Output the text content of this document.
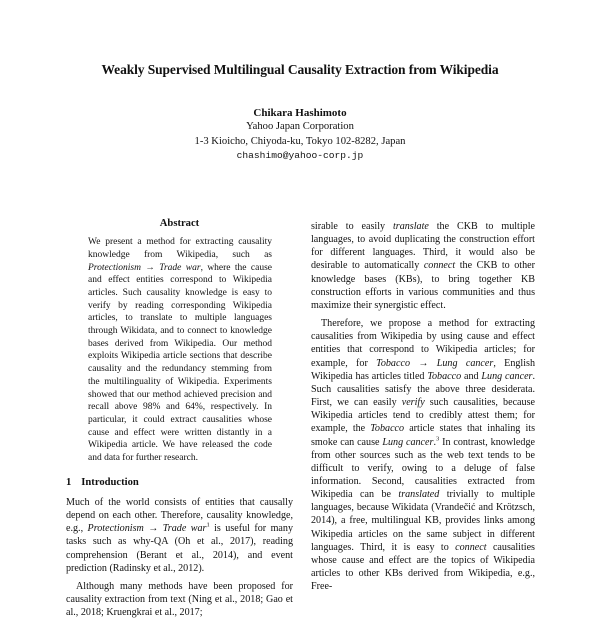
Weakly Supervised Multilingual Causality Extraction from Wikipedia
Chikara Hashimoto
Yahoo Japan Corporation
1-3 Kioicho, Chiyoda-ku, Tokyo 102-8282, Japan
chashimo@yahoo-corp.jp
Abstract

We present a method for extracting causality knowledge from Wikipedia, such as Protectionism → Trade war, where the cause and effect entities correspond to Wikipedia articles. Such causality knowledge is easy to verify by reading corresponding Wikipedia articles, to translate to multiple languages through Wikidata, and to connect to knowledge bases derived from Wikipedia. Our method exploits Wikipedia article sections that describe causality and the redundancy stemming from the multilinguality of Wikipedia. Experiments showed that our method achieved precision and recall above 98% and 64%, respectively. In particular, it could extract causalities whose cause and effect were written distantly in a Wikipedia article. We have released the code and data for further research.

1 Introduction

Much of the world consists of entities that causally depend on each other. Therefore, causality knowledge, e.g., Protectionism → Trade war$^1$ is useful for many tasks such as why-QA (Oh et al., 2017), reading comprehension (Berant et al., 2014), and event prediction (Radinsky et al., 2012).

Although many methods have been proposed for causality extraction from text (Ning et al., 2018; Gao et al., 2018; Kruengkrai et al., 2017;

sirable to easily translate the CKB to multiple languages, to avoid duplicating the construction effort for different languages. Third, it would also be desirable to automatically connect the CKB to other knowledge bases (KBs), to bring together KB construction efforts in various communities and thus maximize their synergistic effect.

Therefore, we propose a method for extracting causalities from Wikipedia by using cause and effect entities that correspond to Wikipedia articles; for example, for Tobacco → Lung cancer, English Wikipedia has articles titled Tobacco and Lung cancer. Such causalities satisfy the above three desiderata. First, we can easily verify such causalities, because Wikipedia articles tend to credibly attest them; for example, the Tobacco article states that inhaling its smoke can cause Lung cancer.$^3$ In contrast, knowledge from other sources such as the web text tends to be difficult to verify, owing to a deluge of false information. Second, causalities extracted from Wikipedia can be translated trivially to multiple languages, because Wikidata (Vrandečić and Krötzsch, 2014), a free, multilingual KB, provides links among Wikipedia articles on the same subject in different languages. Third, it is easy to connect causalities whose cause and effect are the topics of Wikipedia articles to other KBs derived from Wikipedia, e.g., Free-
